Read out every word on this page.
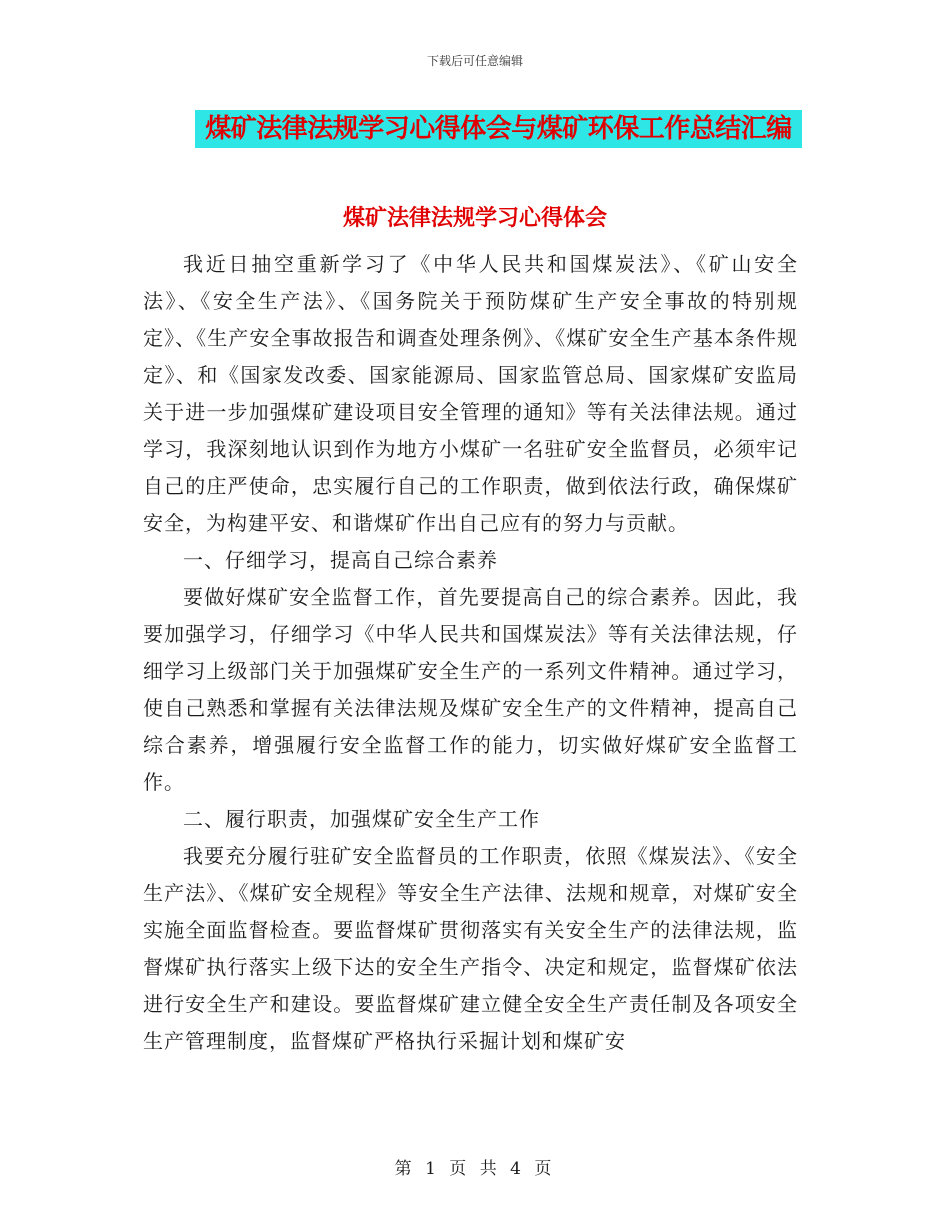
下载后可任意编辑
煤矿法律法规学习心得体会与煤矿环保工作总结汇编
煤矿法律法规学习心得体会

我近日抽空重新学习了《中华人民共和国煤炭法》、《矿山安全法》、《安全生产法》、《国务院关于预防煤矿生产安全事故的特别规定》、《生产安全事故报告和调查处理条例》、《煤矿安全生产基本条件规定》、和《国家发改委、国家能源局、国家监管总局、国家煤矿安监局关于进一步加强煤矿建设项目安全管理的通知》等有关法律法规。通过学习，我深刻地认识到作为地方小煤矿一名驻矿安全监督员，必须牢记自己的庄严使命，忠实履行自己的工作职责，做到依法行政，确保煤矿安全，为构建平安、和谐煤矿作出自己应有的努力与贡献。

一、仔细学习，提高自己综合素养

要做好煤矿安全监督工作，首先要提高自己的综合素养。因此，我要加强学习，仔细学习《中华人民共和国煤炭法》等有关法律法规，仔细学习上级部门关于加强煤矿安全生产的一系列文件精神。通过学习，使自己熟悉和掌握有关法律法规及煤矿安全生产的文件精神，提高自己综合素养，增强履行安全监督工作的能力，切实做好煤矿安全监督工作。

二、履行职责，加强煤矿安全生产工作

我要充分履行驻矿安全监督员的工作职责，依照《煤炭法》、《安全生产法》、《煤矿安全规程》等安全生产法律、法规和规章，对煤矿安全实施全面监督检查。要监督煤矿贯彻落实有关安全生产的法律法规，监督煤矿执行落实上级下达的安全生产指令、决定和规定，监督煤矿依法进行安全生产和建设。要监督煤矿建立健全安全生产责任制及各项安全生产管理制度，监督煤矿严格执行采掘计划和煤矿安

第 1 页 共 4 页
